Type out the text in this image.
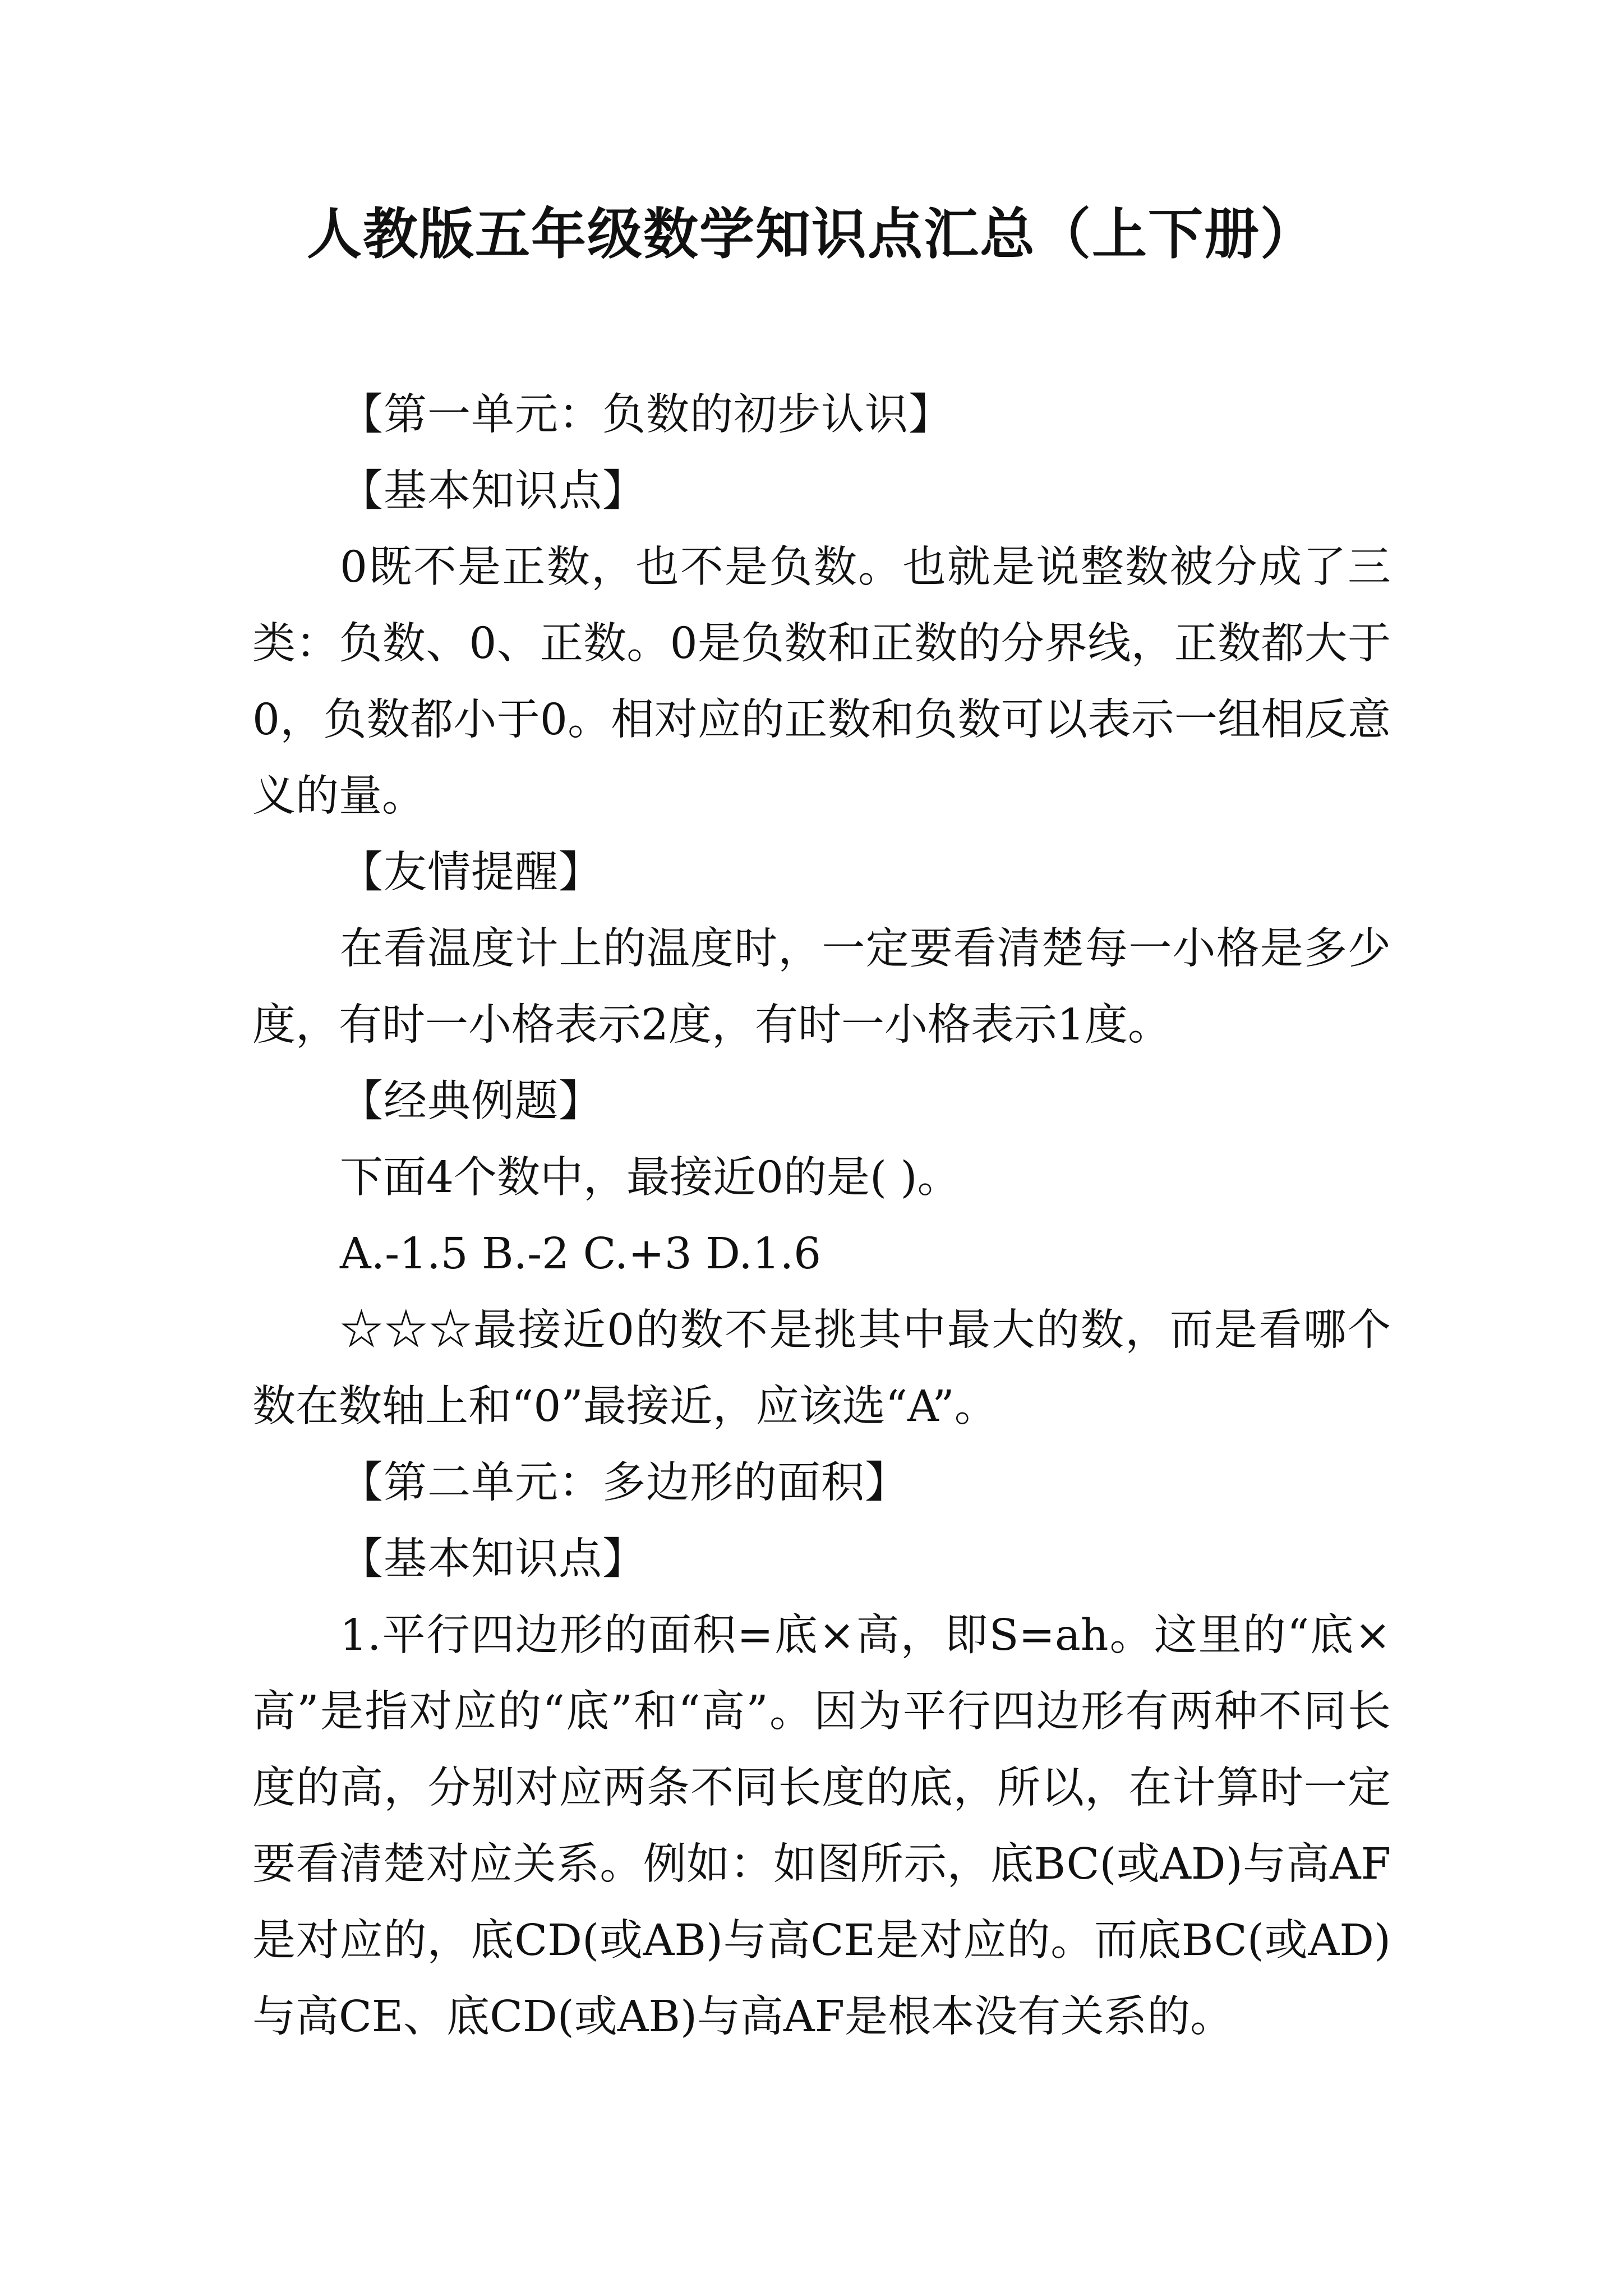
人教版五年级数学知识点汇总（上下册）

【第一单元：负数的初步认识】

【基本知识点】

0既不是正数，也不是负数。也就是说整数被分成了三类：负数、0、正数。0是负数和正数的分界线，正数都大于0，负数都小于0。相对应的正数和负数可以表示一组相反意义的量。

【友情提醒】

在看温度计上的温度时，一定要看清楚每一小格是多少度，有时一小格表示2度，有时一小格表示1度。

【经典例题】

下面4个数中，最接近0的是( )。

A.-1.5 B.-2 C.+3 D.1.6

☆☆☆最接近0的数不是挑其中最大的数，而是看哪个数在数轴上和“0”最接近，应该选“A”。

【第二单元：多边形的面积】

【基本知识点】

1.平行四边形的面积=底×高，即S=ah。这里的“底×高”是指对应的“底”和“高”。因为平行四边形有两种不同长度的高，分别对应两条不同长度的底，所以，在计算时一定要看清楚对应关系。例如：如图所示，底BC(或AD)与高AF是对应的，底CD(或AB)与高CE是对应的。而底BC(或AD)与高CE、底CD(或AB)与高AF是根本没有关系的。
